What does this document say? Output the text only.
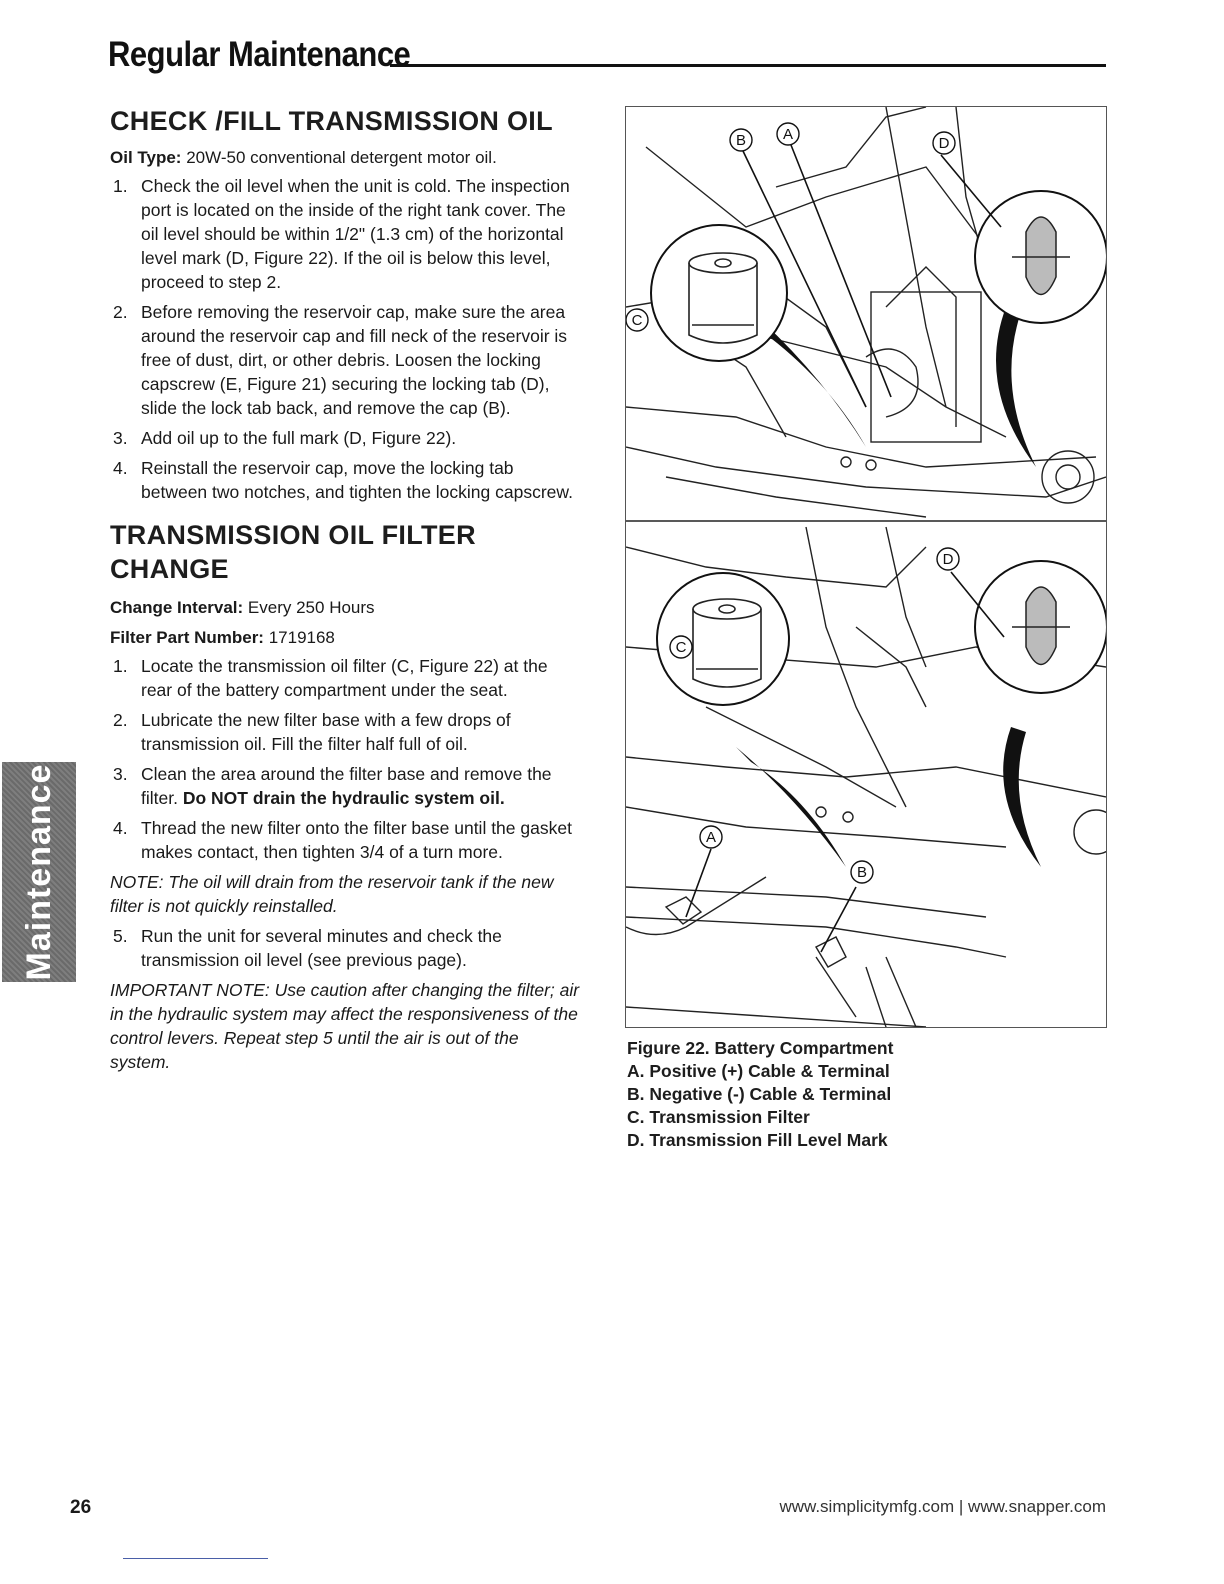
Regular Maintenance
Maintenance
CHECK /FILL TRANSMISSION OIL
Oil Type: 20W-50 conventional detergent motor oil.
1. Check the oil level when the unit is cold. The inspection port is located on the inside of the right tank cover. The oil level should be within 1/2" (1.3 cm) of the horizontal level mark (D, Figure 22). If the oil is below this level, proceed to step 2.
2. Before removing the reservoir cap, make sure the area around the reservoir cap and fill neck of the reservoir is free of dust, dirt, or other debris. Loosen the locking capscrew (E, Figure 21) securing the locking tab (D), slide the lock tab back, and remove the cap (B).
3. Add oil up to the full mark (D, Figure 22).
4. Reinstall the reservoir cap, move the locking tab between two notches, and tighten the locking capscrew.
TRANSMISSION OIL FILTER
CHANGE
Change Interval: Every 250 Hours
Filter Part Number: 1719168
1. Locate the transmission oil filter (C, Figure 22) at the rear of the battery compartment under the seat.
2. Lubricate the new filter base with a few drops of transmission oil. Fill the filter half full of oil.
3. Clean the area around the filter base and remove the filter. Do NOT drain the hydraulic system oil.
4. Thread the new filter onto the filter base until the gasket makes contact, then tighten 3/4 of a turn more.
NOTE: The oil will drain from the reservoir tank if the new filter is not quickly reinstalled.
5. Run the unit for several minutes and check the transmission oil level (see previous page).
IMPORTANT NOTE: Use caution after changing the filter; air in the hydraulic system may affect the responsiveness of the control levers. Repeat step 5 until the air is out of the system.
B A
D
C
D
C
A
B
Figure 22. Battery Compartment
A. Positive (+) Cable & Terminal
B. Negative (-) Cable & Terminal
C. Transmission Filter
D. Transmission Fill Level Mark
26	www.simplicitymfg.com | www.snapper.com
